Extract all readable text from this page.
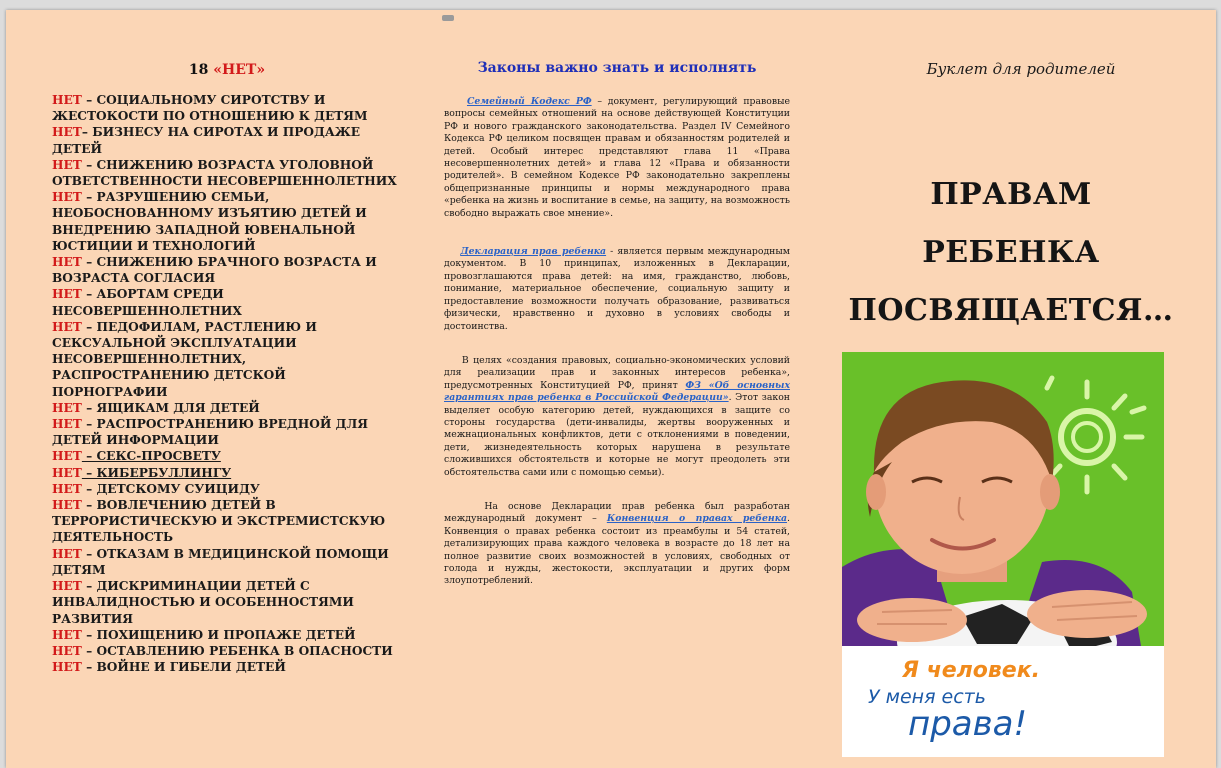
18 «НЕТ»
НЕТ – СОЦИАЛЬНОМУ СИРОТСТВУ И ЖЕСТОКОСТИ ПО ОТНОШЕНИЮ К ДЕТЯМ
НЕТ– БИЗНЕСУ НА СИРОТАХ И ПРОДАЖЕ ДЕТЕЙ
НЕТ – СНИЖЕНИЮ ВОЗРАСТА УГОЛОВНОЙ ОТВЕТСТВЕННОСТИ НЕСОВЕРШЕННОЛЕТНИХ
НЕТ – РАЗРУШЕНИЮ СЕМЬИ, НЕОБОСНОВАННОМУ ИЗЪЯТИЮ ДЕТЕЙ И ВНЕДРЕНИЮ ЗАПАДНОЙ ЮВЕНАЛЬНОЙ ЮСТИЦИИ И ТЕХНОЛОГИЙ
НЕТ – СНИЖЕНИЮ БРАЧНОГО ВОЗРАСТА И ВОЗРАСТА СОГЛАСИЯ
НЕТ – АБОРТАМ СРЕДИ НЕСОВЕРШЕННОЛЕТНИХ
НЕТ – ПЕДОФИЛАМ, РАСТЛЕНИЮ И СЕКСУАЛЬНОЙ ЭКСПЛУАТАЦИИ НЕСОВЕРШЕННОЛЕТНИХ, РАСПРОСТРАНЕНИЮ ДЕТСКОЙ ПОРНОГРАФИИ
НЕТ – ЯЩИКАМ ДЛЯ ДЕТЕЙ
НЕТ – РАСПРОСТРАНЕНИЮ ВРЕДНОЙ ДЛЯ ДЕТЕЙ ИНФОРМАЦИИ
НЕТ – СЕКС-ПРОСВЕТУ
НЕТ – КИБЕРБУЛЛИНГУ
НЕТ – ДЕТСКОМУ СУИЦИДУ
НЕТ – ВОВЛЕЧЕНИЮ ДЕТЕЙ В ТЕРРОРИСТИЧЕСКУЮ И ЭКСТРЕМИСТСКУЮ ДЕЯТЕЛЬНОСТЬ
НЕТ – ОТКАЗАМ В МЕДИЦИНСКОЙ ПОМОЩИ ДЕТЯМ
НЕТ – ДИСКРИМИНАЦИИ ДЕТЕЙ С ИНВАЛИДНОСТЬЮ И ОСОБЕННОСТЯМИ РАЗВИТИЯ
НЕТ – ПОХИЩЕНИЮ И ПРОПАЖЕ ДЕТЕЙ
НЕТ – ОСТАВЛЕНИЮ РЕБЕНКА В ОПАСНОСТИ
НЕТ – ВОЙНЕ И ГИБЕЛИ ДЕТЕЙ
Законы важно знать и исполнять

Семейный Кодекс РФ – документ, регулирующий правовые вопросы семейных отношений на основе действующей Конституции РФ и нового гражданского законодательства. Раздел IV Семейного Кодекса РФ целиком посвящен правам и обязанностям родителей и детей. Особый интерес представляют глава 11 «Права несовершеннолетних детей» и глава 12 «Права и обязанности родителей». В семейном Кодексе РФ законодательно закреплены общепризнанные принципы и нормы международного права «ребенка на жизнь и воспитание в семье, на защиту, на возможность свободно выражать свое мнение».

Декларация прав ребенка - является первым международным документом. В 10 принципах, изложенных в Декларации, провозглашаются права детей: на имя, гражданство, любовь, понимание, материальное обеспечение, социальную защиту и предоставление возможности получать образование, развиваться физически, нравственно и духовно в условиях свободы и достоинства.

В целях «создания правовых, социально-экономических условий для реализации прав и законных интересов ребенка», предусмотренных Конституцией РФ, принят ФЗ «Об основных гарантиях прав ребенка в Российской Федерации». Этот закон выделяет особую категорию детей, нуждающихся в защите со стороны государства (дети-инвалиды, жертвы вооруженных и межнациональных конфликтов, дети с отклонениями в поведении, дети, жизнедеятельность которых нарушена в результате сложившихся обстоятельств и которые не могут преодолеть эти обстоятельства сами или с помощью семьи).

На основе Декларации прав ребенка был разработан международный документ – Конвенция о правах ребенка. Конвенция о правах ребенка состоит из преамбулы и 54 статей, детализирующих права каждого человека в возрасте до 18 лет на полное развитие своих возможностей в условиях, свободных от голода и нужды, жестокости, эксплуатации и других форм злоупотреблений.

Буклет для родителей
ПРАВАМ
РЕБЕНКА
ПОСВЯЩАЕТСЯ…
Я человек.
У меня есть
права!
